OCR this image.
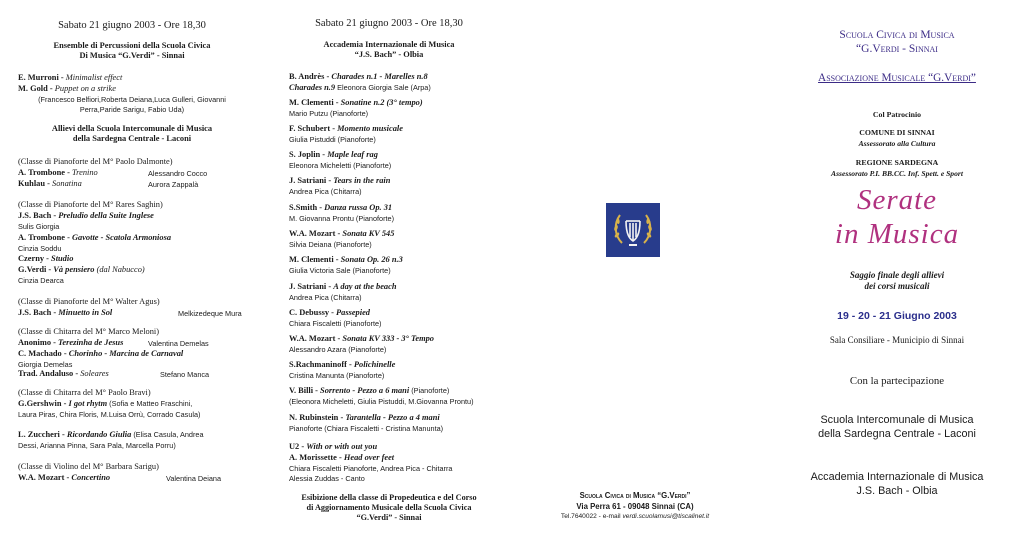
Sabato 21 giugno 2003 - Ore 18,30
Ensemble di Percussioni della Scuola Civica
Di Musica “G.Verdi” - Sinnai
E. Murroni - Minimalist effect
M. Gold - Puppet on a strike
(Francesco Belfiori,Roberta Deiana,Luca Gulleri, Giovanni
Perra,Paride Sarigu, Fabio Uda)
Allievi della Scuola Intercomunale di Musica
della Sardegna Centrale - Laconi
(Classe di Pianoforte del M° Paolo Dalmonte)
A. Trombone - Trenino	Alessandro Cocco
Kuhlau - Sonatina	Aurora Zappalà
(Classe di Pianoforte del M° Rares Saghin)
J.S. Bach - Preludio della Suite Inglese
Sulis Giorgia
A. Trombone - Gavotte - Scatola Armoniosa
Cinzia Soddu
Czerny - Studio
G.Verdi - Và pensiero (dal Nabucco)
Cinzia Dearca
(Classe di Pianoforte del M° Walter Agus)
J.S. Bach - Minuetto in Sol	Melkizedeque Mura
(Classe di Chitarra del M° Marco Meloni)
Anonimo - Terezinha de Jesus	Valentina Demelas
C. Machado - Chorinho - Marcina de Carnaval
Giorgia Demelas
Trad. Andaluso - Soleares	Stefano Manca
(Classe di Chitarra del M° Paolo Bravi)
G.Gershwin - I got rhytm (Sofia e Matteo Fraschini,
Laura Piras, Chira Floris, M.Luisa Orrù, Corrado Casula)
L. Zuccheri - Ricordando Giulia (Elisa Casula, Andrea
Dessi, Arianna Pinna, Sara Pala, Marcella Porru)
(Classe di Violino del M° Barbara Sarigu)
W.A. Mozart - Concertino	Valentina Deiana
Sabato 21 giugno 2003 - Ore 18,30
Accademia Internazionale di Musica
“J.S. Bach” - Olbia
B. Andrès - Charades n.1 - Marelles n.8
Charades n.9 Eleonora Giorgia Sale (Arpa)
M. Clementi - Sonatine n.2 (3° tempo)
Mario Putzu (Pianoforte)
F. Schubert - Momento musicale
Giulia Pistuddi (Pianoforte)
S. Joplin - Maple leaf rag
Eleonora Micheletti (Pianoforte)
J. Satriani - Tears in the rain
Andrea Pica (Chitarra)
S.Smith - Danza russa Op. 31
M. Giovanna Prontu (Pianoforte)
W.A. Mozart - Sonata KV 545
Silvia Deiana (Pianoforte)
M. Clementi - Sonata Op. 26 n.3
Giulia Victoria Sale (Pianoforte)
J. Satriani - A day at the beach
Andrea Pica (Chitarra)
C. Debussy - Passepied
Chiara Fiscaletti (Pianoforte)
W.A. Mozart - Sonata KV 333 - 3° Tempo
Alessandro Azara (Pianoforte)
S.Rachmaninoff - Polichinelle
Cristina Manunta (Pianoforte)
V. Billi - Sorrento - Pezzo a 6 mani (Pianoforte)
(Eleonora Micheletti, Giulia Pistuddi, M.Giovanna Prontu)
N. Rubinstein - Tarantella - Pezzo a 4 mani
Pianoforte (Chiara Fiscaletti - Cristina Manunta)
U2 - With or with out you
A. Morissette - Head over feet
Chiara Fiscaletti Pianoforte, Andrea Pica - Chitarra
Alessia Zuddas - Canto
Esibizione della classe di Propedeutica e del Corso
di Aggiornamento Musicale della Scuola Civica
“G.Verdi” - Sinnai
Scuola Civica di Musica “G.Verdi”
Via Perra 61 - 09048 Sinnai (CA)
Tel.7640022 - e-mail verdi.scuolamusi@tiscalinet.it
Scuola Civica di Musica
“G.Verdi - Sinnai
Associazione Musicale “G.Verdi”
Col Patrocinio
COMUNE DI SINNAI
Assessorato alla Cultura
REGIONE SARDEGNA
Assessorato P.I. BB.CC. Inf. Spett. e Sport
Serate
in Musica
Saggio finale degli allievi
dei corsi musicali
19 - 20 - 21 Giugno 2003
Sala Consiliare - Municipio di Sinnai
Con la partecipazione
Scuola Intercomunale di Musica
della Sardegna Centrale - Laconi
Accademia Internazionale di Musica
J.S. Bach - Olbia
